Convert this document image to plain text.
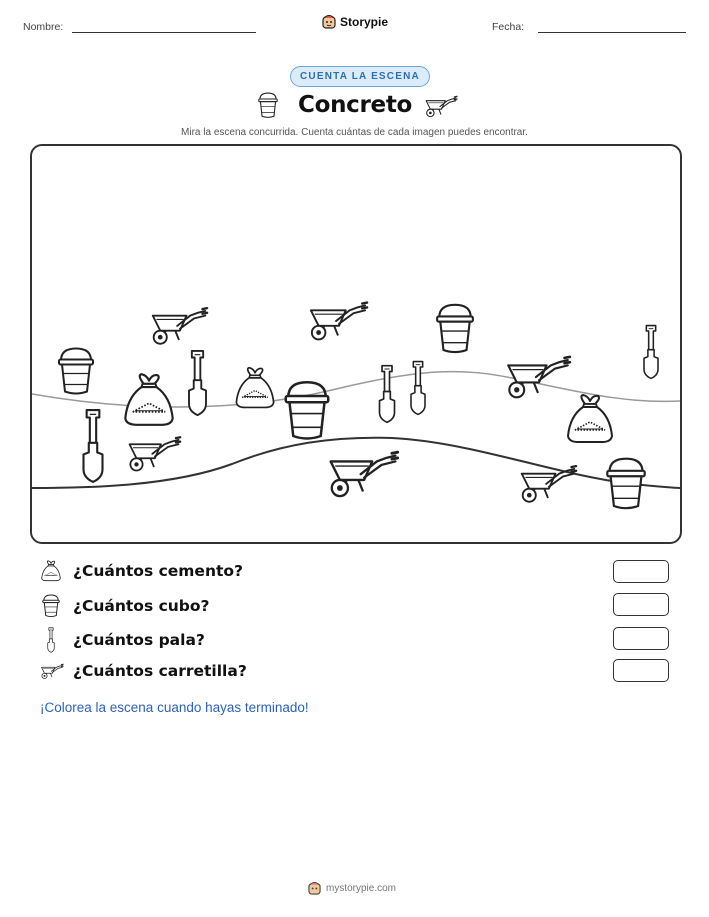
Nombre:	Storypie	Fecha:
CUENTA LA ESCENA
Concreto
Mira la escena concurrida. Cuenta cuántas de cada imagen puedes encontrar.
¿Cuántos cemento?
¿Cuántos cubo?
¿Cuántos pala?
¿Cuántos carretilla?
¡Colorea la escena cuando hayas terminado!
mystorypie.com
